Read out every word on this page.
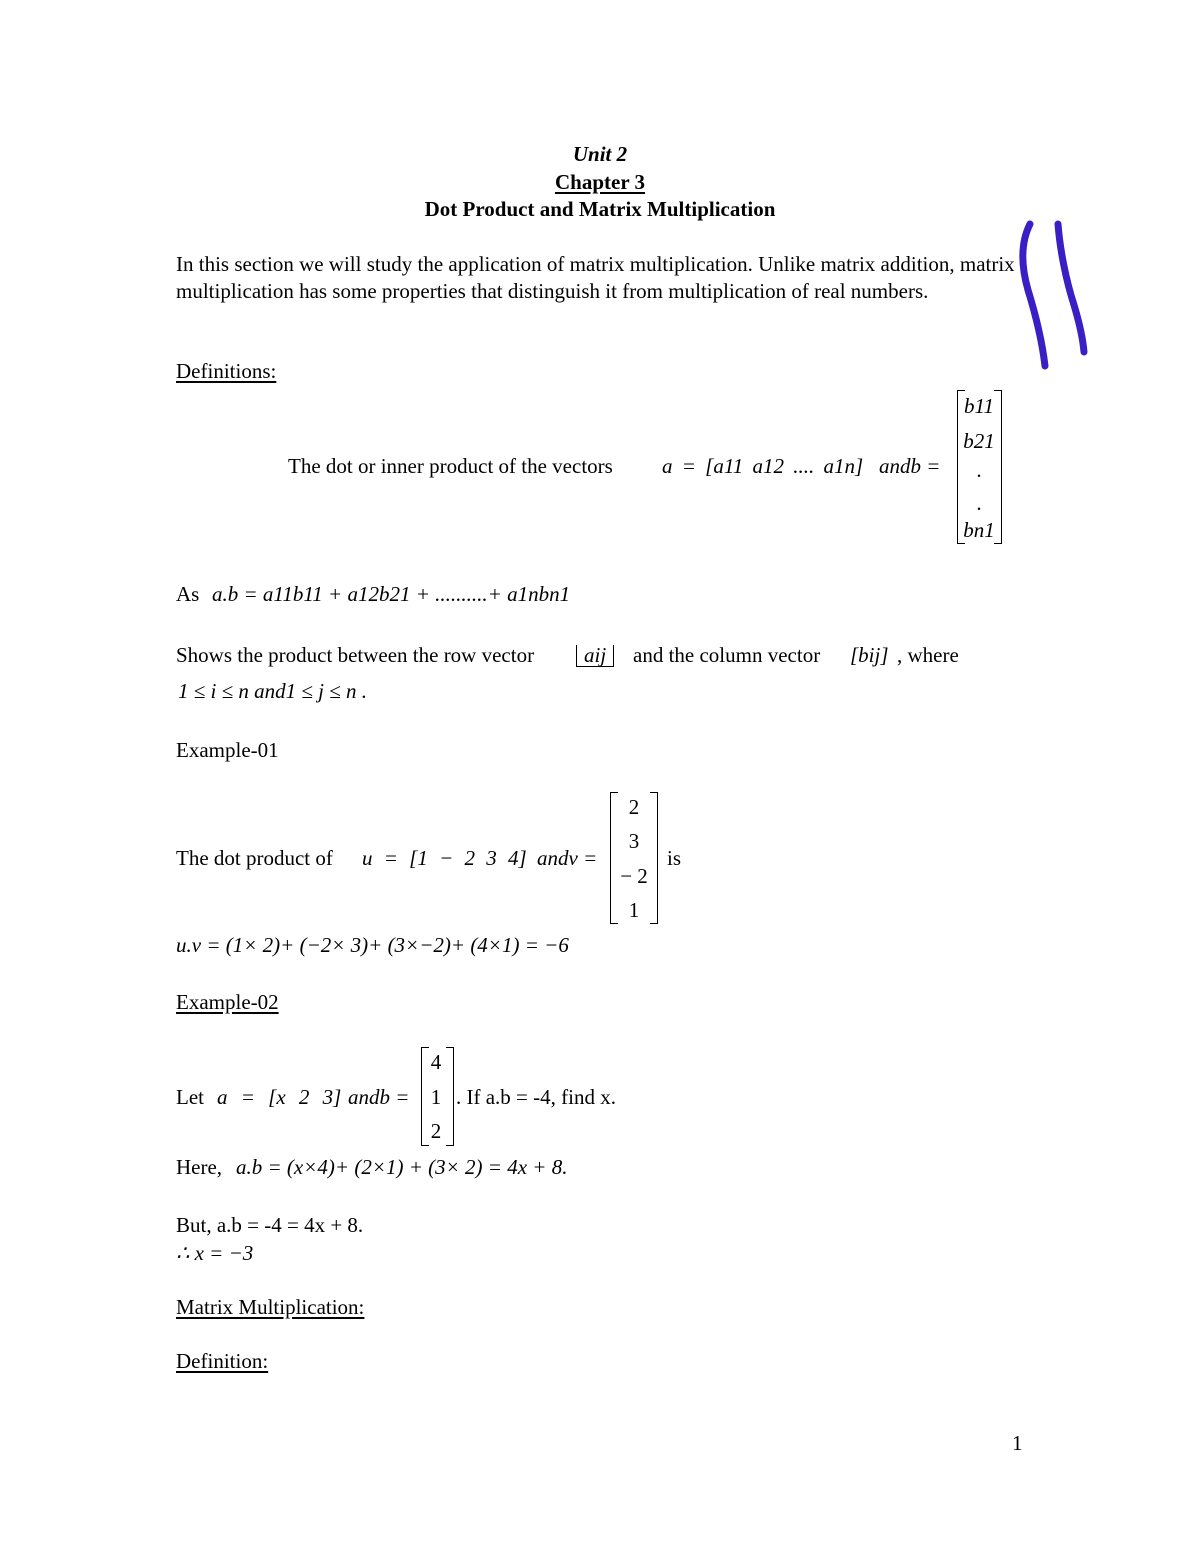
Unit 2
Chapter 3
Dot Product and Matrix Multiplication
In this section we will study the application of matrix multiplication. Unlike matrix addition, matrix multiplication has some properties that distinguish it from multiplication of real numbers.
Definitions:
The dot or inner product of the vectors a = [a11 a12 .... a1n] andb =
b11
b21
.
.
bn1
As a.b = a11b11 + a12b21 + ..........+ a1nbn1
Shows the product between the row vector	aij	and the column vector [bij] , where
1 ≤ i ≤ n and1 ≤ j ≤ n .
Example-01
The dot product of u = [1 − 2 3 4] andv =
2
3
− 2
1
is
u.v = (1× 2)+ (−2× 3)+ (3×−2)+ (4×1) = −6
Example-02
Let a = [x 2 3] andb =
4
1
2
. If a.b = -4, find x.
Here, a.b = (x×4)+ (2×1) + (3× 2) = 4x + 8.
But, a.b = -4 = 4x + 8.
∴ x = −3
Matrix Multiplication:
Definition:
1
